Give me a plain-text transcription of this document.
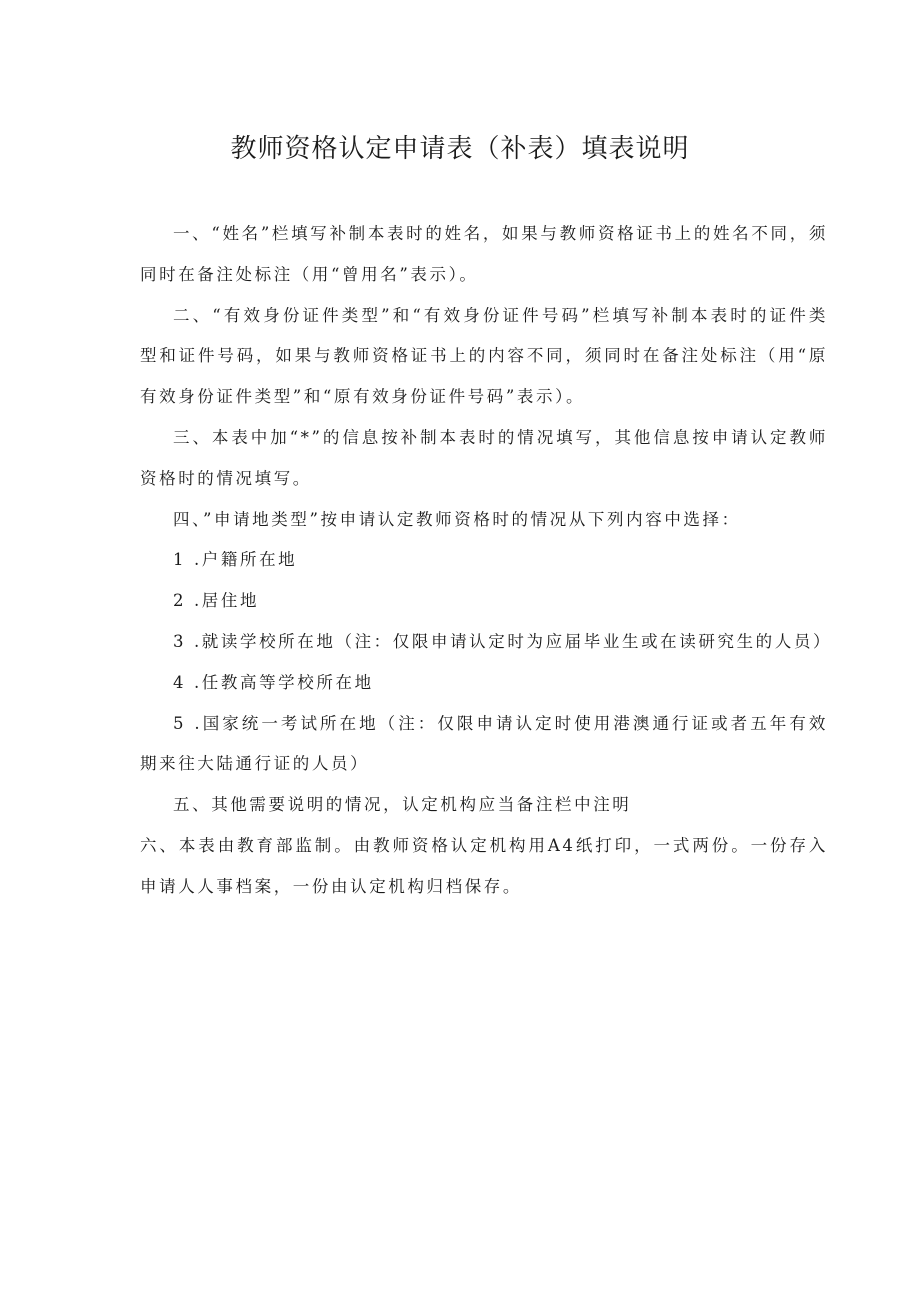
教师资格认定申请表（补表）填表说明

一、“姓名”栏填写补制本表时的姓名，如果与教师资格证书上的姓名不同，须同时在备注处标注（用“曾用名”表示）。

二、“有效身份证件类型”和“有效身份证件号码”栏填写补制本表时的证件类型和证件号码，如果与教师资格证书上的内容不同，须同时在备注处标注（用“原有效身份证件类型”和“原有效身份证件号码”表示）。

三、本表中加“*”的信息按补制本表时的情况填写，其他信息按申请认定教师资格时的情况填写。

四、”申请地类型”按申请认定教师资格时的情况从下列内容中选择：

1 .户籍所在地

2 .居住地

3 .就读学校所在地（注：仅限申请认定时为应届毕业生或在读研究生的人员）

4 .任教高等学校所在地

5 .国家统一考试所在地（注：仅限申请认定时使用港澳通行证或者五年有效期来往大陆通行证的人员）

五、其他需要说明的情况，认定机构应当备注栏中注明

六、本表由教育部监制。由教师资格认定机构用A4纸打印，一式两份。一份存入申请人人事档案，一份由认定机构归档保存。
